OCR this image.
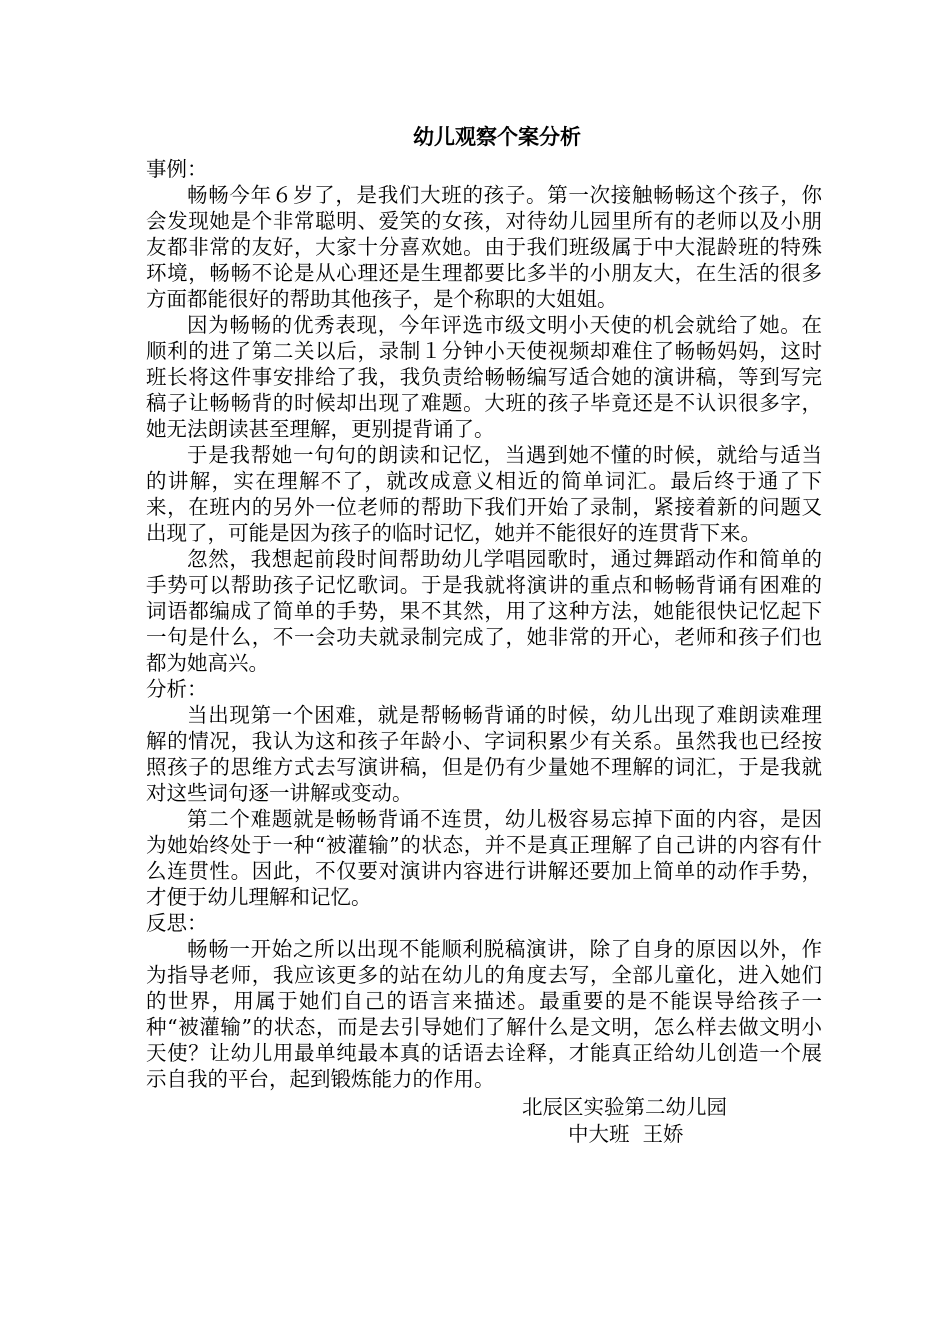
幼儿观察个案分析

事例：

畅畅今年６岁了，是我们大班的孩子。第一次接触畅畅这个孩子，你会发现她是个非常聪明、爱笑的女孩，对待幼儿园里所有的老师以及小朋友都非常的友好，大家十分喜欢她。由于我们班级属于中大混龄班的特殊环境，畅畅不论是从心理还是生理都要比多半的小朋友大，在生活的很多方面都能很好的帮助其他孩子，是个称职的大姐姐。

因为畅畅的优秀表现，今年评选市级文明小天使的机会就给了她。在顺利的进了第二关以后，录制１分钟小天使视频却难住了畅畅妈妈，这时班长将这件事安排给了我，我负责给畅畅编写适合她的演讲稿，等到写完稿子让畅畅背的时候却出现了难题。大班的孩子毕竟还是不认识很多字，她无法朗读甚至理解，更别提背诵了。

于是我帮她一句句的朗读和记忆，当遇到她不懂的时候，就给与适当的讲解，实在理解不了，就改成意义相近的简单词汇。最后终于通了下来，在班内的另外一位老师的帮助下我们开始了录制，紧接着新的问题又出现了，可能是因为孩子的临时记忆，她并不能很好的连贯背下来。

忽然，我想起前段时间帮助幼儿学唱园歌时，通过舞蹈动作和简单的手势可以帮助孩子记忆歌词。于是我就将演讲的重点和畅畅背诵有困难的词语都编成了简单的手势，果不其然，用了这种方法，她能很快记忆起下一句是什么，不一会功夫就录制完成了，她非常的开心，老师和孩子们也都为她高兴。

分析：

当出现第一个困难，就是帮畅畅背诵的时候，幼儿出现了难朗读难理解的情况，我认为这和孩子年龄小、字词积累少有关系。虽然我也已经按照孩子的思维方式去写演讲稿，但是仍有少量她不理解的词汇，于是我就对这些词句逐一讲解或变动。

第二个难题就是畅畅背诵不连贯，幼儿极容易忘掉下面的内容，是因为她始终处于一种“被灌输”的状态，并不是真正理解了自己讲的内容有什么连贯性。因此，不仅要对演讲内容进行讲解还要加上简单的动作手势，才便于幼儿理解和记忆。

反思：

畅畅一开始之所以出现不能顺利脱稿演讲，除了自身的原因以外，作为指导老师，我应该更多的站在幼儿的角度去写，全部儿童化，进入她们的世界，用属于她们自己的语言来描述。最重要的是不能误导给孩子一种“被灌输”的状态，而是去引导她们了解什么是文明，怎么样去做文明小天使？让幼儿用最单纯最本真的话语去诠释，才能真正给幼儿创造一个展示自我的平台，起到锻炼能力的作用。

北辰区实验第二幼儿园
中大班  王娇
